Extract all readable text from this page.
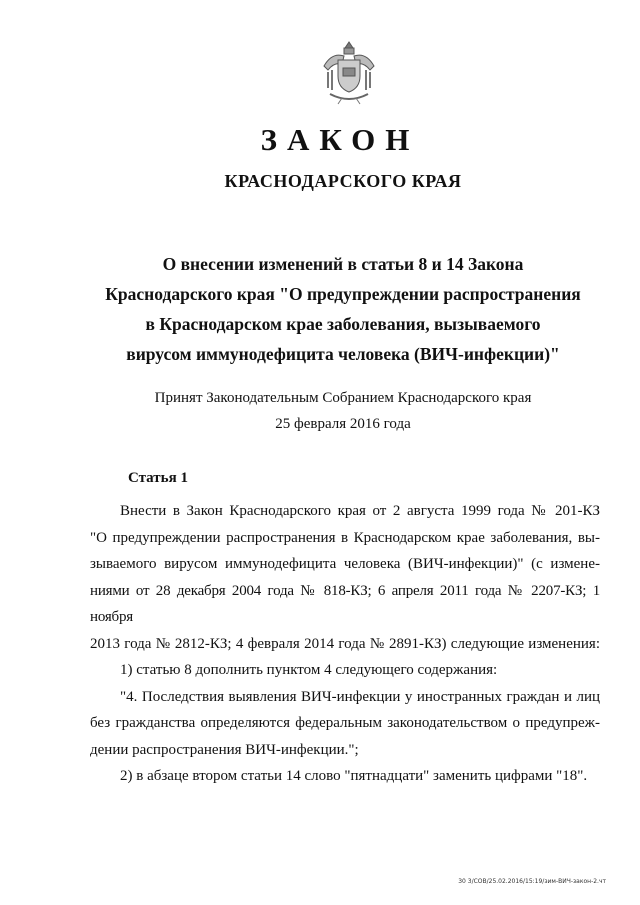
ЗАКОН
КРАСНОДАРСКОГО КРАЯ
О внесении изменений в статьи 8 и 14 Закона
Краснодарского края "О предупреждении распространения
в Краснодарском крае заболевания, вызываемого
вирусом иммунодефицита человека (ВИЧ-инфекции)"
Принят Законодательным Собранием Краснодарского края
25 февраля 2016 года
Статья 1
Внести в Закон Краснодарского края от 2 августа 1999 года № 201-КЗ
"О предупреждении распространения в Краснодарском крае заболевания, вы-
зываемого вирусом иммунодефицита человека (ВИЧ-инфекции)" (с измене-
ниями от 28 декабря 2004 года № 818-КЗ; 6 апреля 2011 года № 2207-КЗ; 1 ноября
2013 года № 2812-КЗ; 4 февраля 2014 года № 2891-КЗ) следующие изменения:
1) статью 8 дополнить пунктом 4 следующего содержания:
"4. Последствия выявления ВИЧ-инфекции у иностранных граждан и лиц
без гражданства определяются федеральным законодательством о предупреж-
дении распространения ВИЧ-инфекции.";
2) в абзаце втором статьи 14 слово "пятнадцати" заменить цифрами "18".
30 3/СОВ/25.02.2016/15:19/зим-ВИЧ-закон-2.чт
